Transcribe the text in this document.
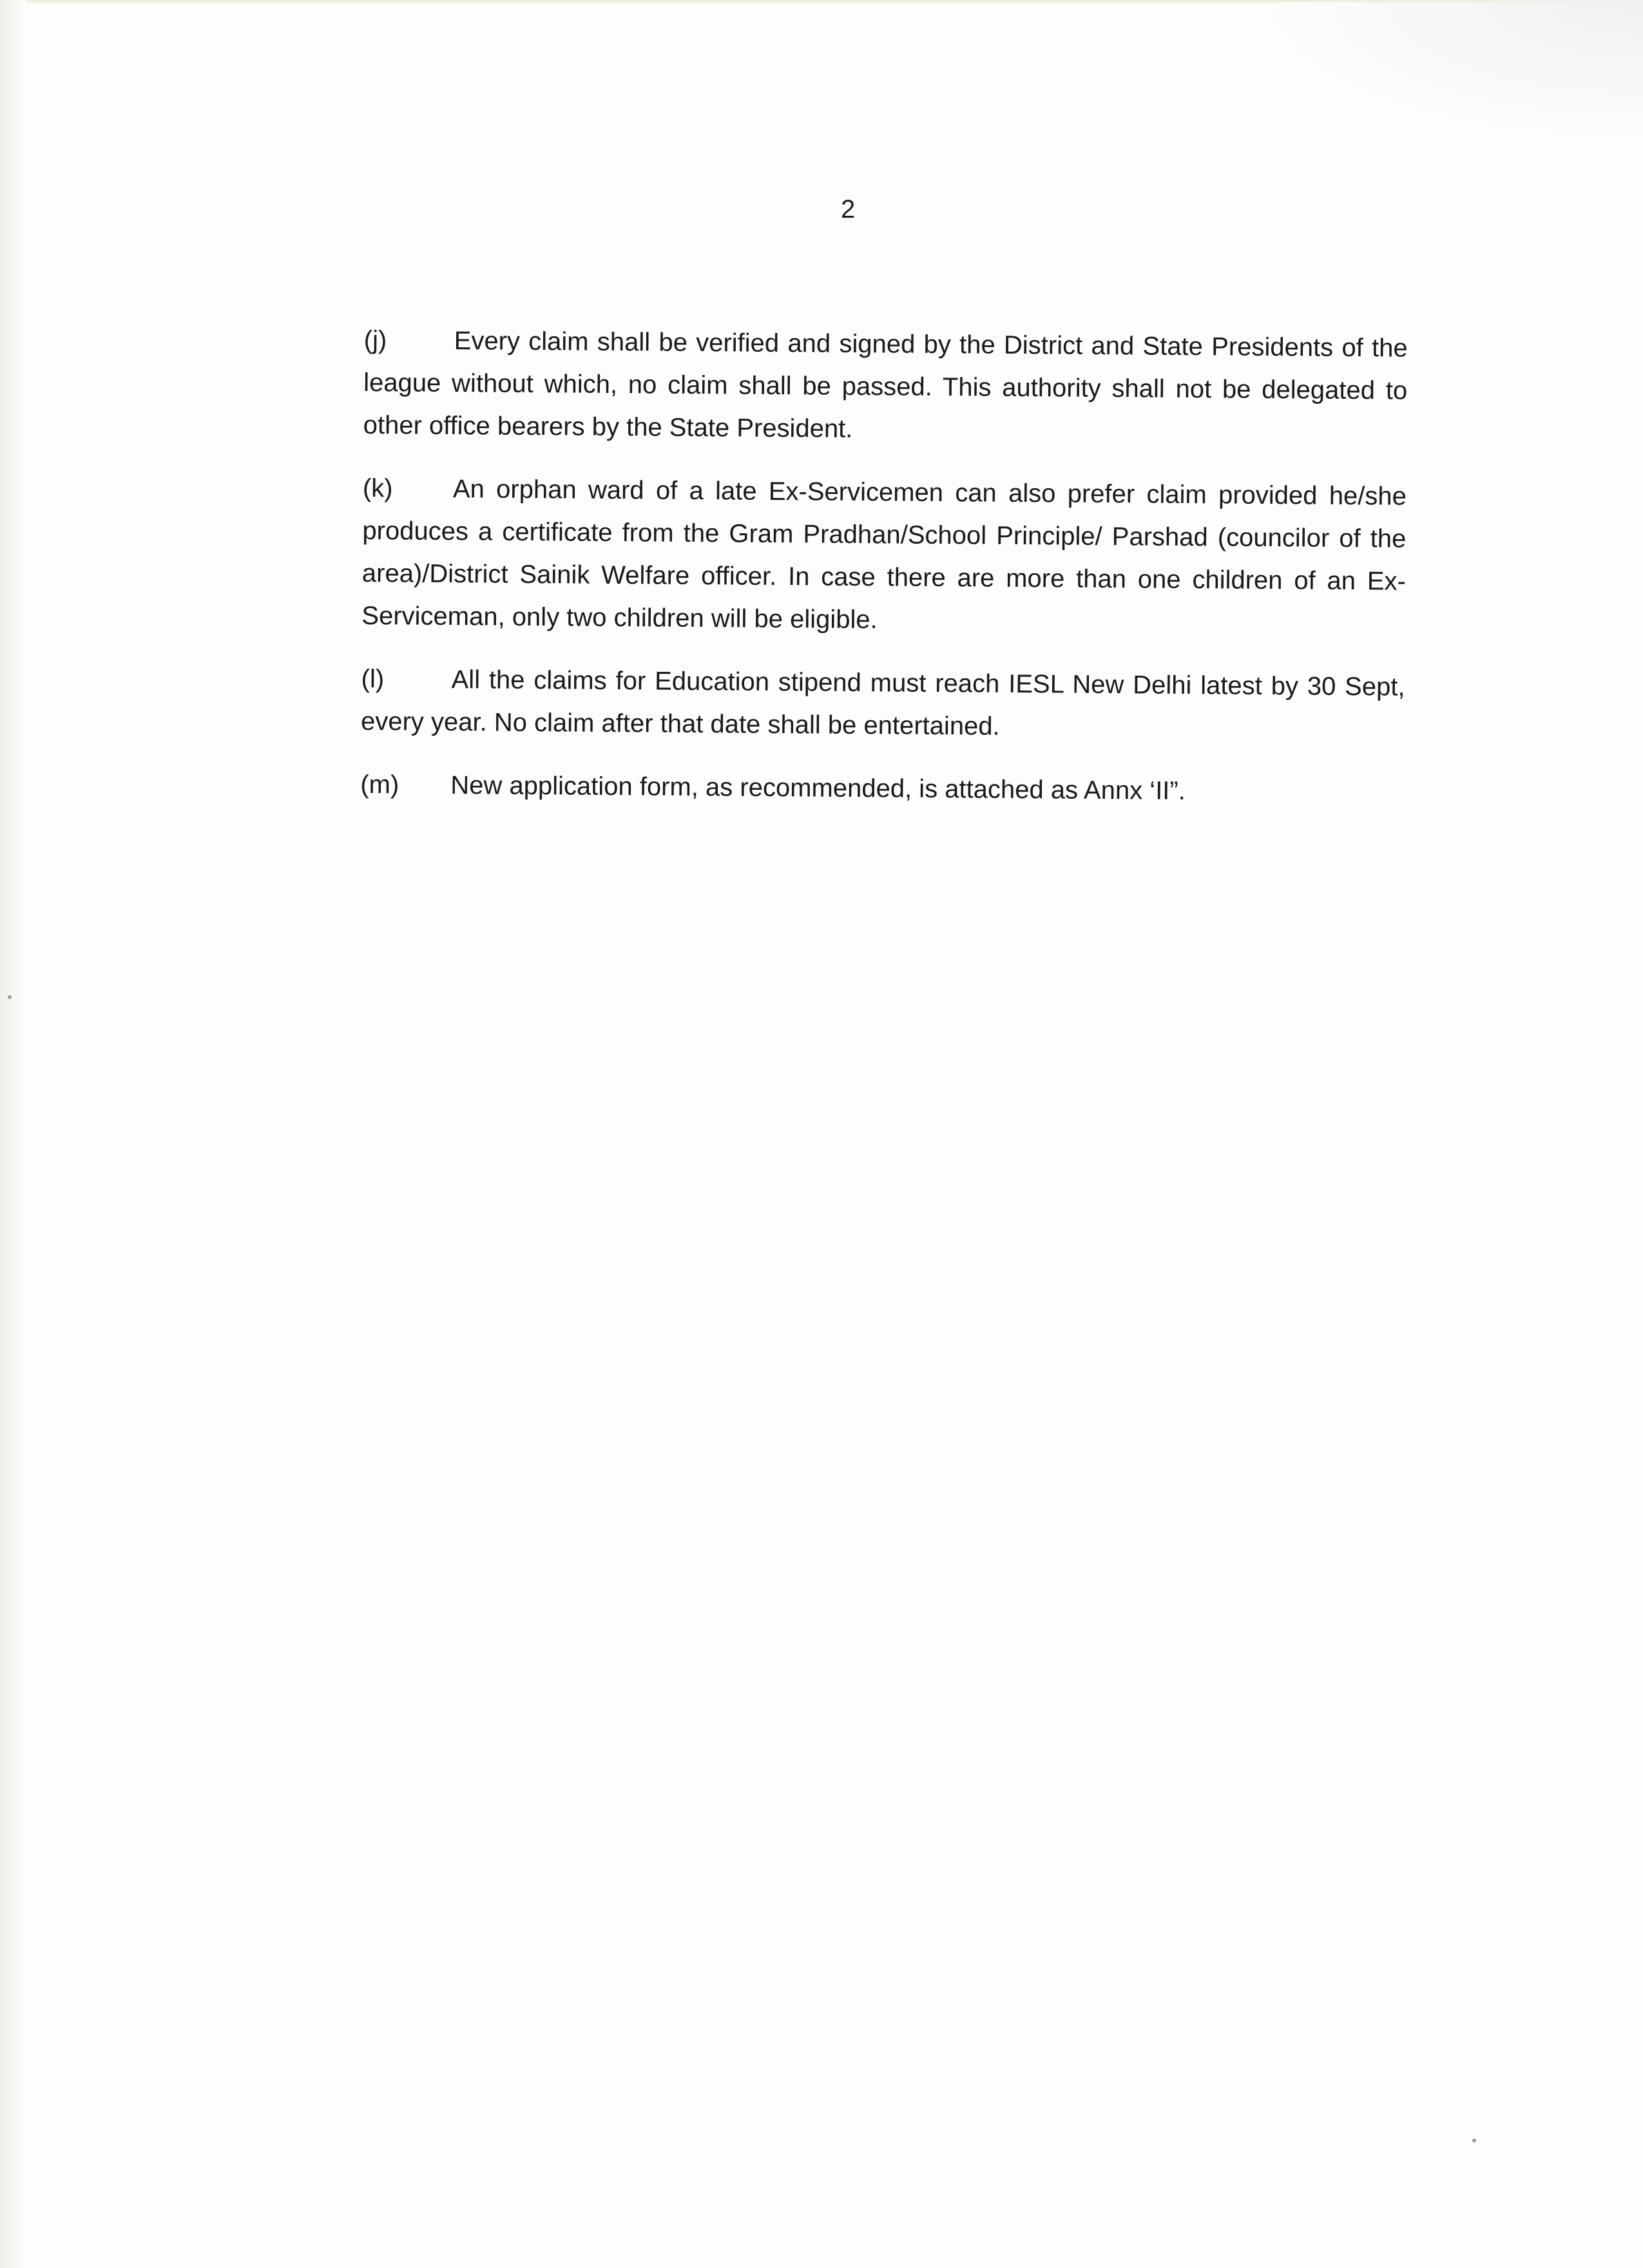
2

(j)	Every claim shall be verified and signed by the District and State Presidents of the league without which, no claim shall be passed. This authority shall not be delegated to other office bearers by the State President.

(k) An orphan ward of a late Ex-Servicemen can also prefer claim provided he/she produces a certificate from the Gram Pradhan/School Principle/ Parshad (councilor of the area)/District Sainik Welfare officer. In case there are more than one children of an Ex-Serviceman, only two children will be eligible.

(l)	All the claims for Education stipend must reach IESL New Delhi latest by 30 Sept, every year. No claim after that date shall be entertained.

(m) New application form, as recommended, is attached as Annx ‘II”.
